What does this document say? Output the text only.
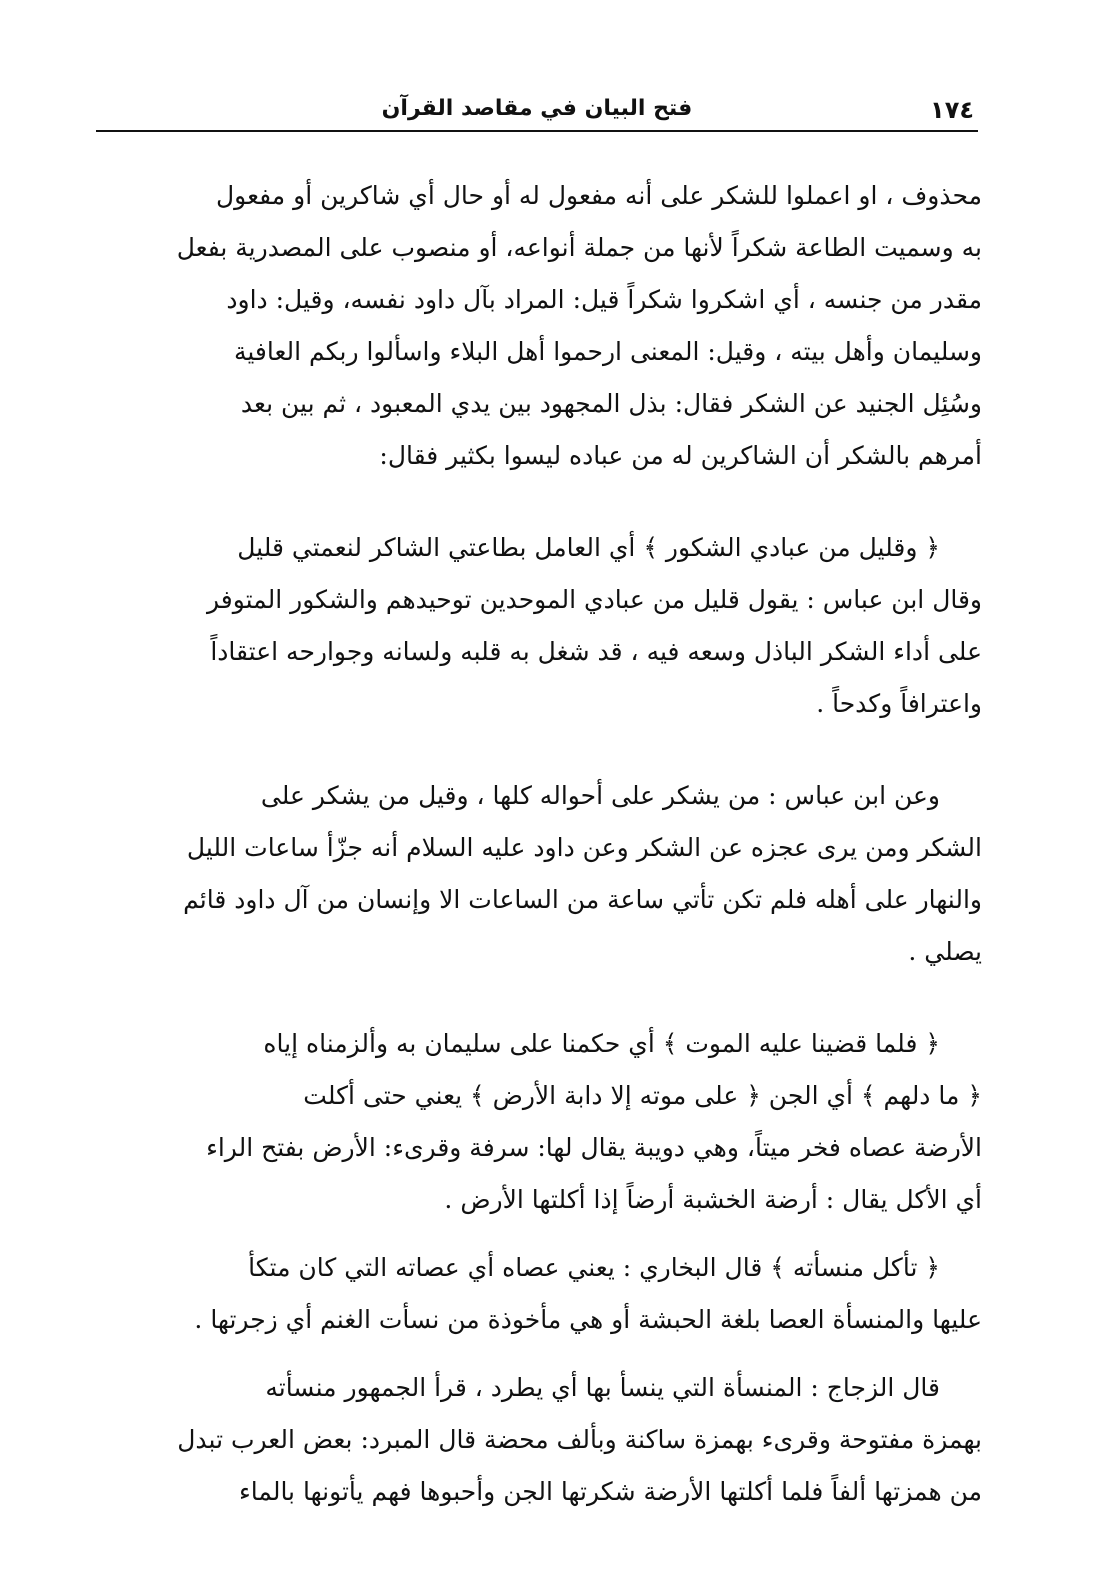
١٧٤
فتح البيان في مقاصد القرآن

محذوف ، او اعملوا للشكر على أنه مفعول له أو حال أي شاكرين أو مفعول
به وسميت الطاعة شكراً لأنها من جملة أنواعه، أو منصوب على المصدرية بفعل
مقدر من جنسه ، أي اشكروا شكراً قيل: المراد بآل داود نفسه، وقيل: داود
وسليمان وأهل بيته ، وقيل: المعنى ارحموا أهل البلاء واسألوا ربكم العافية
وسُئِل الجنيد عن الشكر فقال: بذل المجهود بين يدي المعبود ، ثم بين بعد
أمرهم بالشكر أن الشاكرين له من عباده ليسوا بكثير فقال:

﴿ وقليل من عبادي الشكور ﴾ أي العامل بطاعتي الشاكر لنعمتي قليل
وقال ابن عباس : يقول قليل من عبادي الموحدين توحيدهم والشكور المتوفر
على أداء الشكر الباذل وسعه فيه ، قد شغل به قلبه ولسانه وجوارحه اعتقاداً
واعترافاً وكدحاً .

وعن ابن عباس : من يشكر على أحواله كلها ، وقيل من يشكر على
الشكر ومن يرى عجزه عن الشكر وعن داود عليه السلام أنه جزّأ ساعات الليل
والنهار على أهله فلم تكن تأتي ساعة من الساعات الا وإنسان من آل داود قائم
يصلي .

﴿ فلما قضينا عليه الموت ﴾ أي حكمنا على سليمان به وألزمناه إياه
﴿ ما دلهم ﴾ أي الجن ﴿ على موته إلا دابة الأرض ﴾ يعني حتى أكلت
الأرضة عصاه فخر ميتاً، وهي دويبة يقال لها: سرفة وقرىء: الأرض بفتح الراء
أي الأكل يقال : أرضة الخشبة أرضاً إذا أكلتها الأرض .

﴿ تأكل منسأته ﴾ قال البخاري : يعني عصاه أي عصاته التي كان متكأ
عليها والمنسأة العصا بلغة الحبشة أو هي مأخوذة من نسأت الغنم أي زجرتها .

قال الزجاج : المنسأة التي ينسأ بها أي يطرد ، قرأ الجمهور منسأته
بهمزة مفتوحة وقرىء بهمزة ساكنة وبألف محضة قال المبرد: بعض العرب تبدل
من همزتها ألفاً فلما أكلتها الأرضة شكرتها الجن وأحبوها فهم يأتونها بالماء
